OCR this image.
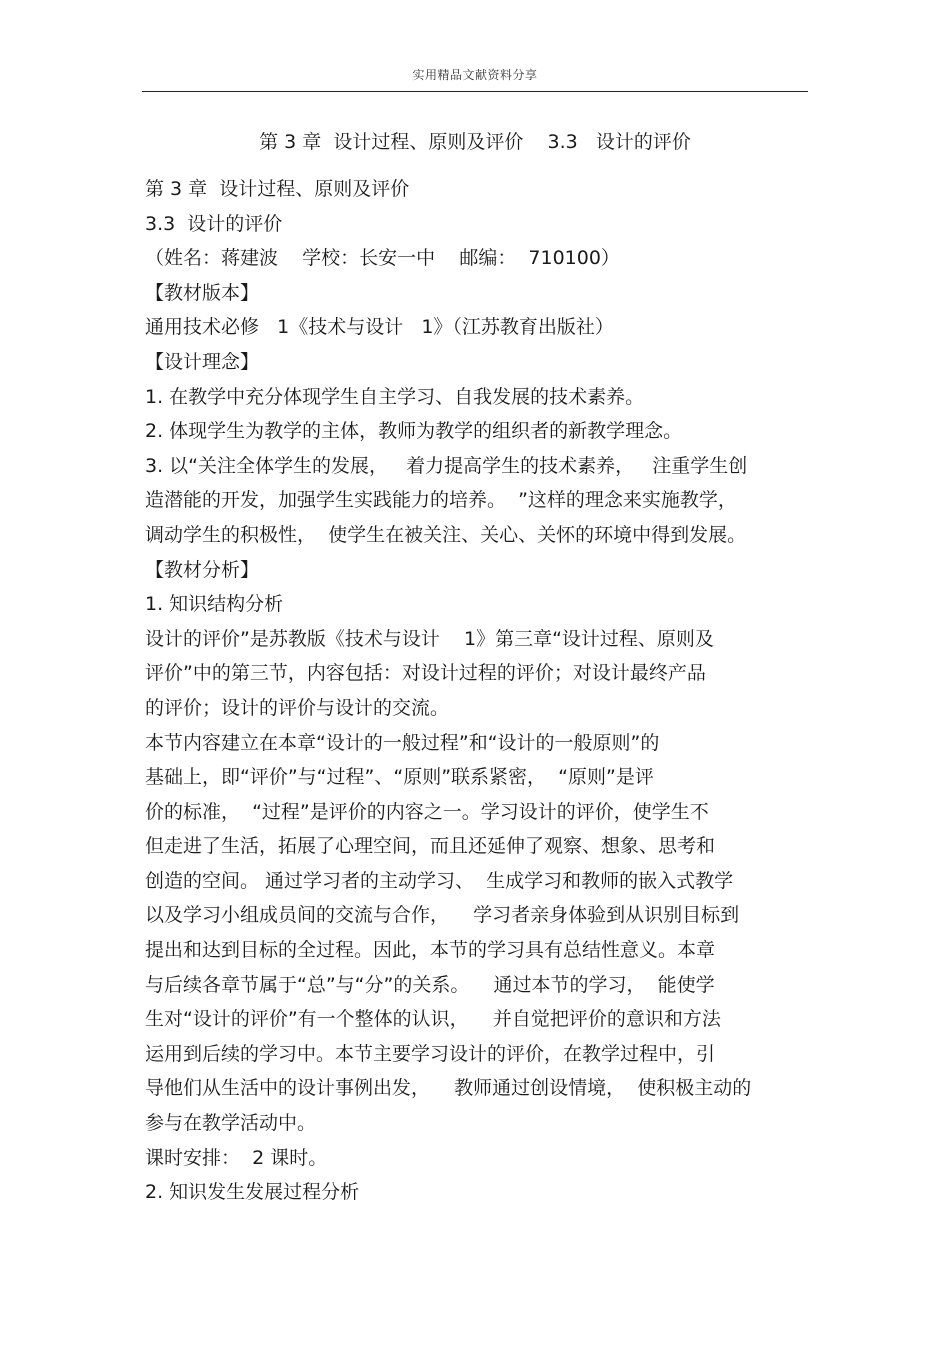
实用精品文献资料分享
第 3 章  设计过程、原则及评价    3.3   设计的评价
第 3 章  设计过程、原则及评价
3.3  设计的评价
（姓名：蒋建波    学校：长安一中    邮编：  710100）
【教材版本】
通用技术必修   1《技术与设计   1》（江苏教育出版社）
【设计理念】
1. 在教学中充分体现学生自主学习、自我发展的技术素养。
2. 体现学生为教学的主体，教师为教学的组织者的新教学理念。
3. 以“关注全体学生的发展，   着力提高学生的技术素养，   注重学生创
造潜能的开发，加强学生实践能力的培养。  ”这样的理念来实施教学，
调动学生的积极性，  使学生在被关注、关心、关怀的环境中得到发展。
【教材分析】
1. 知识结构分析
设计的评价”是苏教版《技术与设计    1》第三章“设计过程、原则及
评价”中的第三节，内容包括：对设计过程的评价；对设计最终产品
的评价；设计的评价与设计的交流。
本节内容建立在本章“设计的一般过程”和“设计的一般原则”的
基础上，即“评价”与“过程”、“原则”联系紧密，  “原则”是评
价的标准，  “过程”是评价的内容之一。学习设计的评价，使学生不
但走进了生活，拓展了心理空间，而且还延伸了观察、想象、思考和
创造的空间。 通过学习者的主动学习、  生成学习和教师的嵌入式教学
以及学习小组成员间的交流与合作，    学习者亲身体验到从识别目标到
提出和达到目标的全过程。因此，本节的学习具有总结性意义。本章
与后续各章节属于“总”与“分”的关系。    通过本节的学习，  能使学
生对“设计的评价”有一个整体的认识，    并自觉把评价的意识和方法
运用到后续的学习中。本节主要学习设计的评价，在教学过程中，引
导他们从生活中的设计事例出发，    教师通过创设情境，  使积极主动的
参与在教学活动中。
课时安排：  2 课时。
2. 知识发生发展过程分析
